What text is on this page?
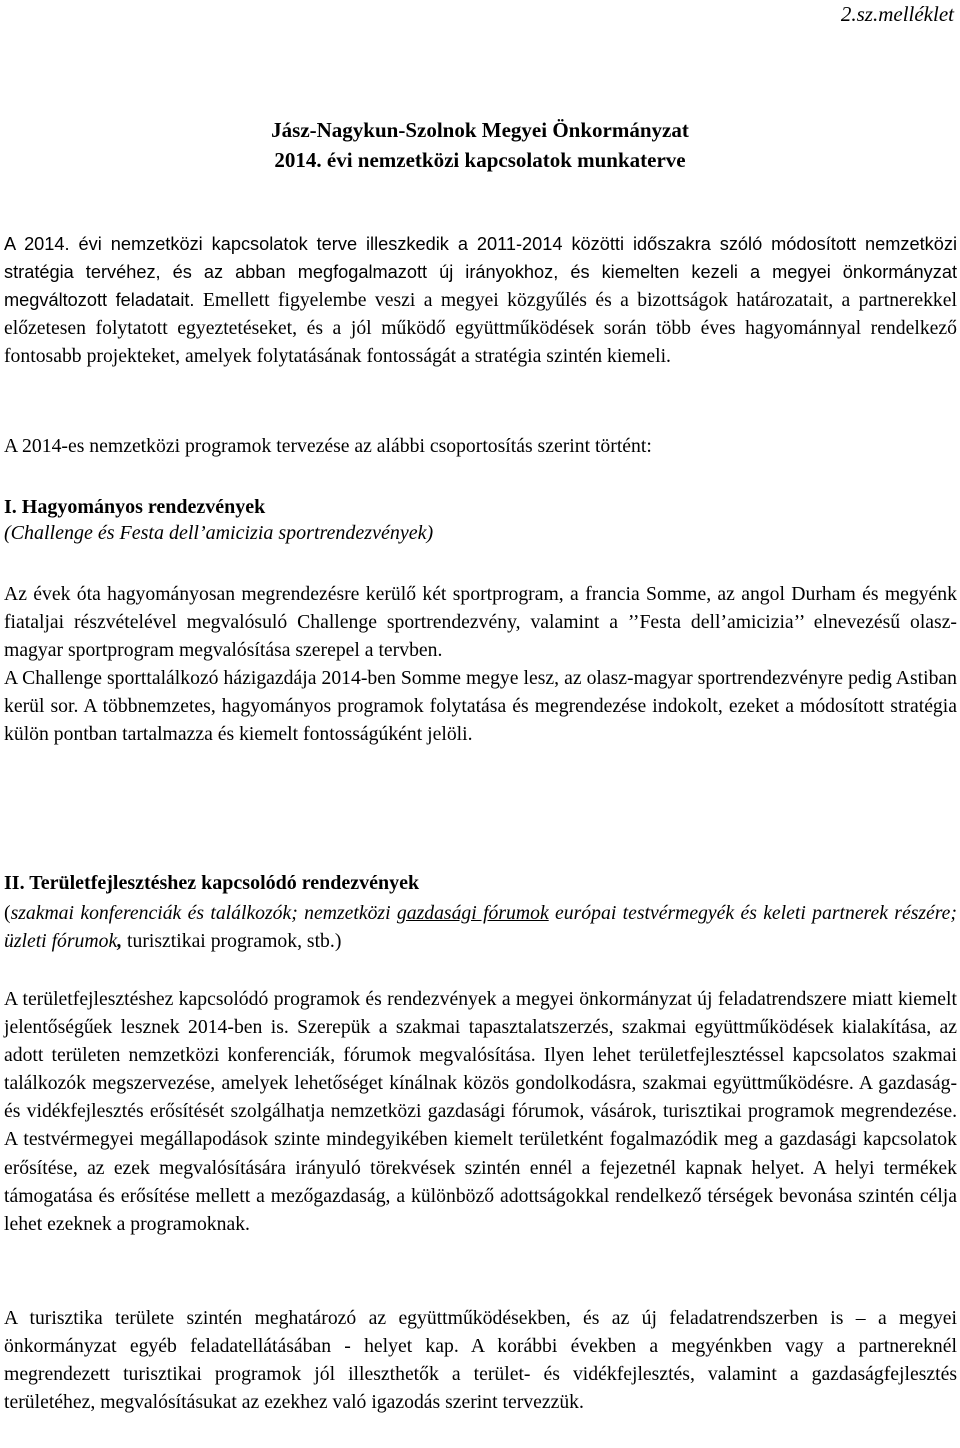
2.sz.melléklet
Jász-Nagykun-Szolnok Megyei Önkormányzat
2014. évi nemzetközi kapcsolatok munkaterve

A 2014. évi nemzetközi kapcsolatok terve illeszkedik a 2011-2014 közötti időszakra szóló módosított nemzetközi stratégia tervéhez, és az abban megfogalmazott új irányokhoz, és kiemelten kezeli a megyei önkormányzat megváltozott feladatait. Emellett figyelembe veszi a megyei közgyűlés és a bizottságok határozatait, a partnerekkel előzetesen folytatott egyeztetéseket, és a jól működő együttműködések során több éves hagyománnyal rendelkező fontosabb projekteket, amelyek folytatásának fontosságát a stratégia szintén kiemeli.

A 2014-es nemzetközi programok tervezése az alábbi csoportosítás szerint történt:

I. Hagyományos rendezvények
(Challenge és Festa dell’amicizia sportrendezvények)
Az évek óta hagyományosan megrendezésre kerülő két sportprogram, a francia Somme, az angol Durham és megyénk fiataljai részvételével megvalósuló Challenge sportrendezvény, valamint a ’’Festa dell’amicizia’’ elnevezésű olasz-magyar sportprogram megvalósítása szerepel a tervben.
A Challenge sporttalálkozó házigazdája 2014-ben Somme megye lesz, az olasz-magyar sportrendezvényre pedig Astiban kerül sor. A többnemzetes, hagyományos programok folytatása és megrendezése indokolt, ezeket a módosított stratégia külön pontban tartalmazza és kiemelt fontosságúként jelöli.
II. Területfejlesztéshez kapcsolódó rendezvények

(szakmai konferenciák és találkozók; nemzetközi gazdasági fórumok európai testvérmegyék és keleti partnerek részére; üzleti fórumok, turisztikai programok, stb.)

A területfejlesztéshez kapcsolódó programok és rendezvények a megyei önkormányzat új feladatrendszere miatt kiemelt jelentőségűek lesznek 2014-ben is. Szerepük a szakmai tapasztalatszerzés, szakmai együttműködések kialakítása, az adott területen nemzetközi konferenciák, fórumok megvalósítása. Ilyen lehet területfejlesztéssel kapcsolatos szakmai találkozók megszervezése, amelyek lehetőséget kínálnak közös gondolkodásra, szakmai együttműködésre. A gazdaság- és vidékfejlesztés erősítését szolgálhatja nemzetközi gazdasági fórumok, vásárok, turisztikai programok megrendezése. A testvérmegyei megállapodások szinte mindegyikében kiemelt területként fogalmazódik meg a gazdasági kapcsolatok erősítése, az ezek megvalósítására irányuló törekvések szintén ennél a fejezetnél kapnak helyet. A helyi termékek támogatása és erősítése mellett a mezőgazdaság, a különböző adottságokkal rendelkező térségek bevonása szintén célja lehet ezeknek a programoknak.

A turisztika területe szintén meghatározó az együttműködésekben, és az új feladatrendszerben is – a megyei önkormányzat egyéb feladatellátásában - helyet kap. A korábbi években a megyénkben vagy a partnereknél megrendezett turisztikai programok jól illeszthetők a terület- és vidékfejlesztés, valamint a gazdaságfejlesztés területéhez, megvalósításukat az ezekhez való igazodás szerint tervezzük.
